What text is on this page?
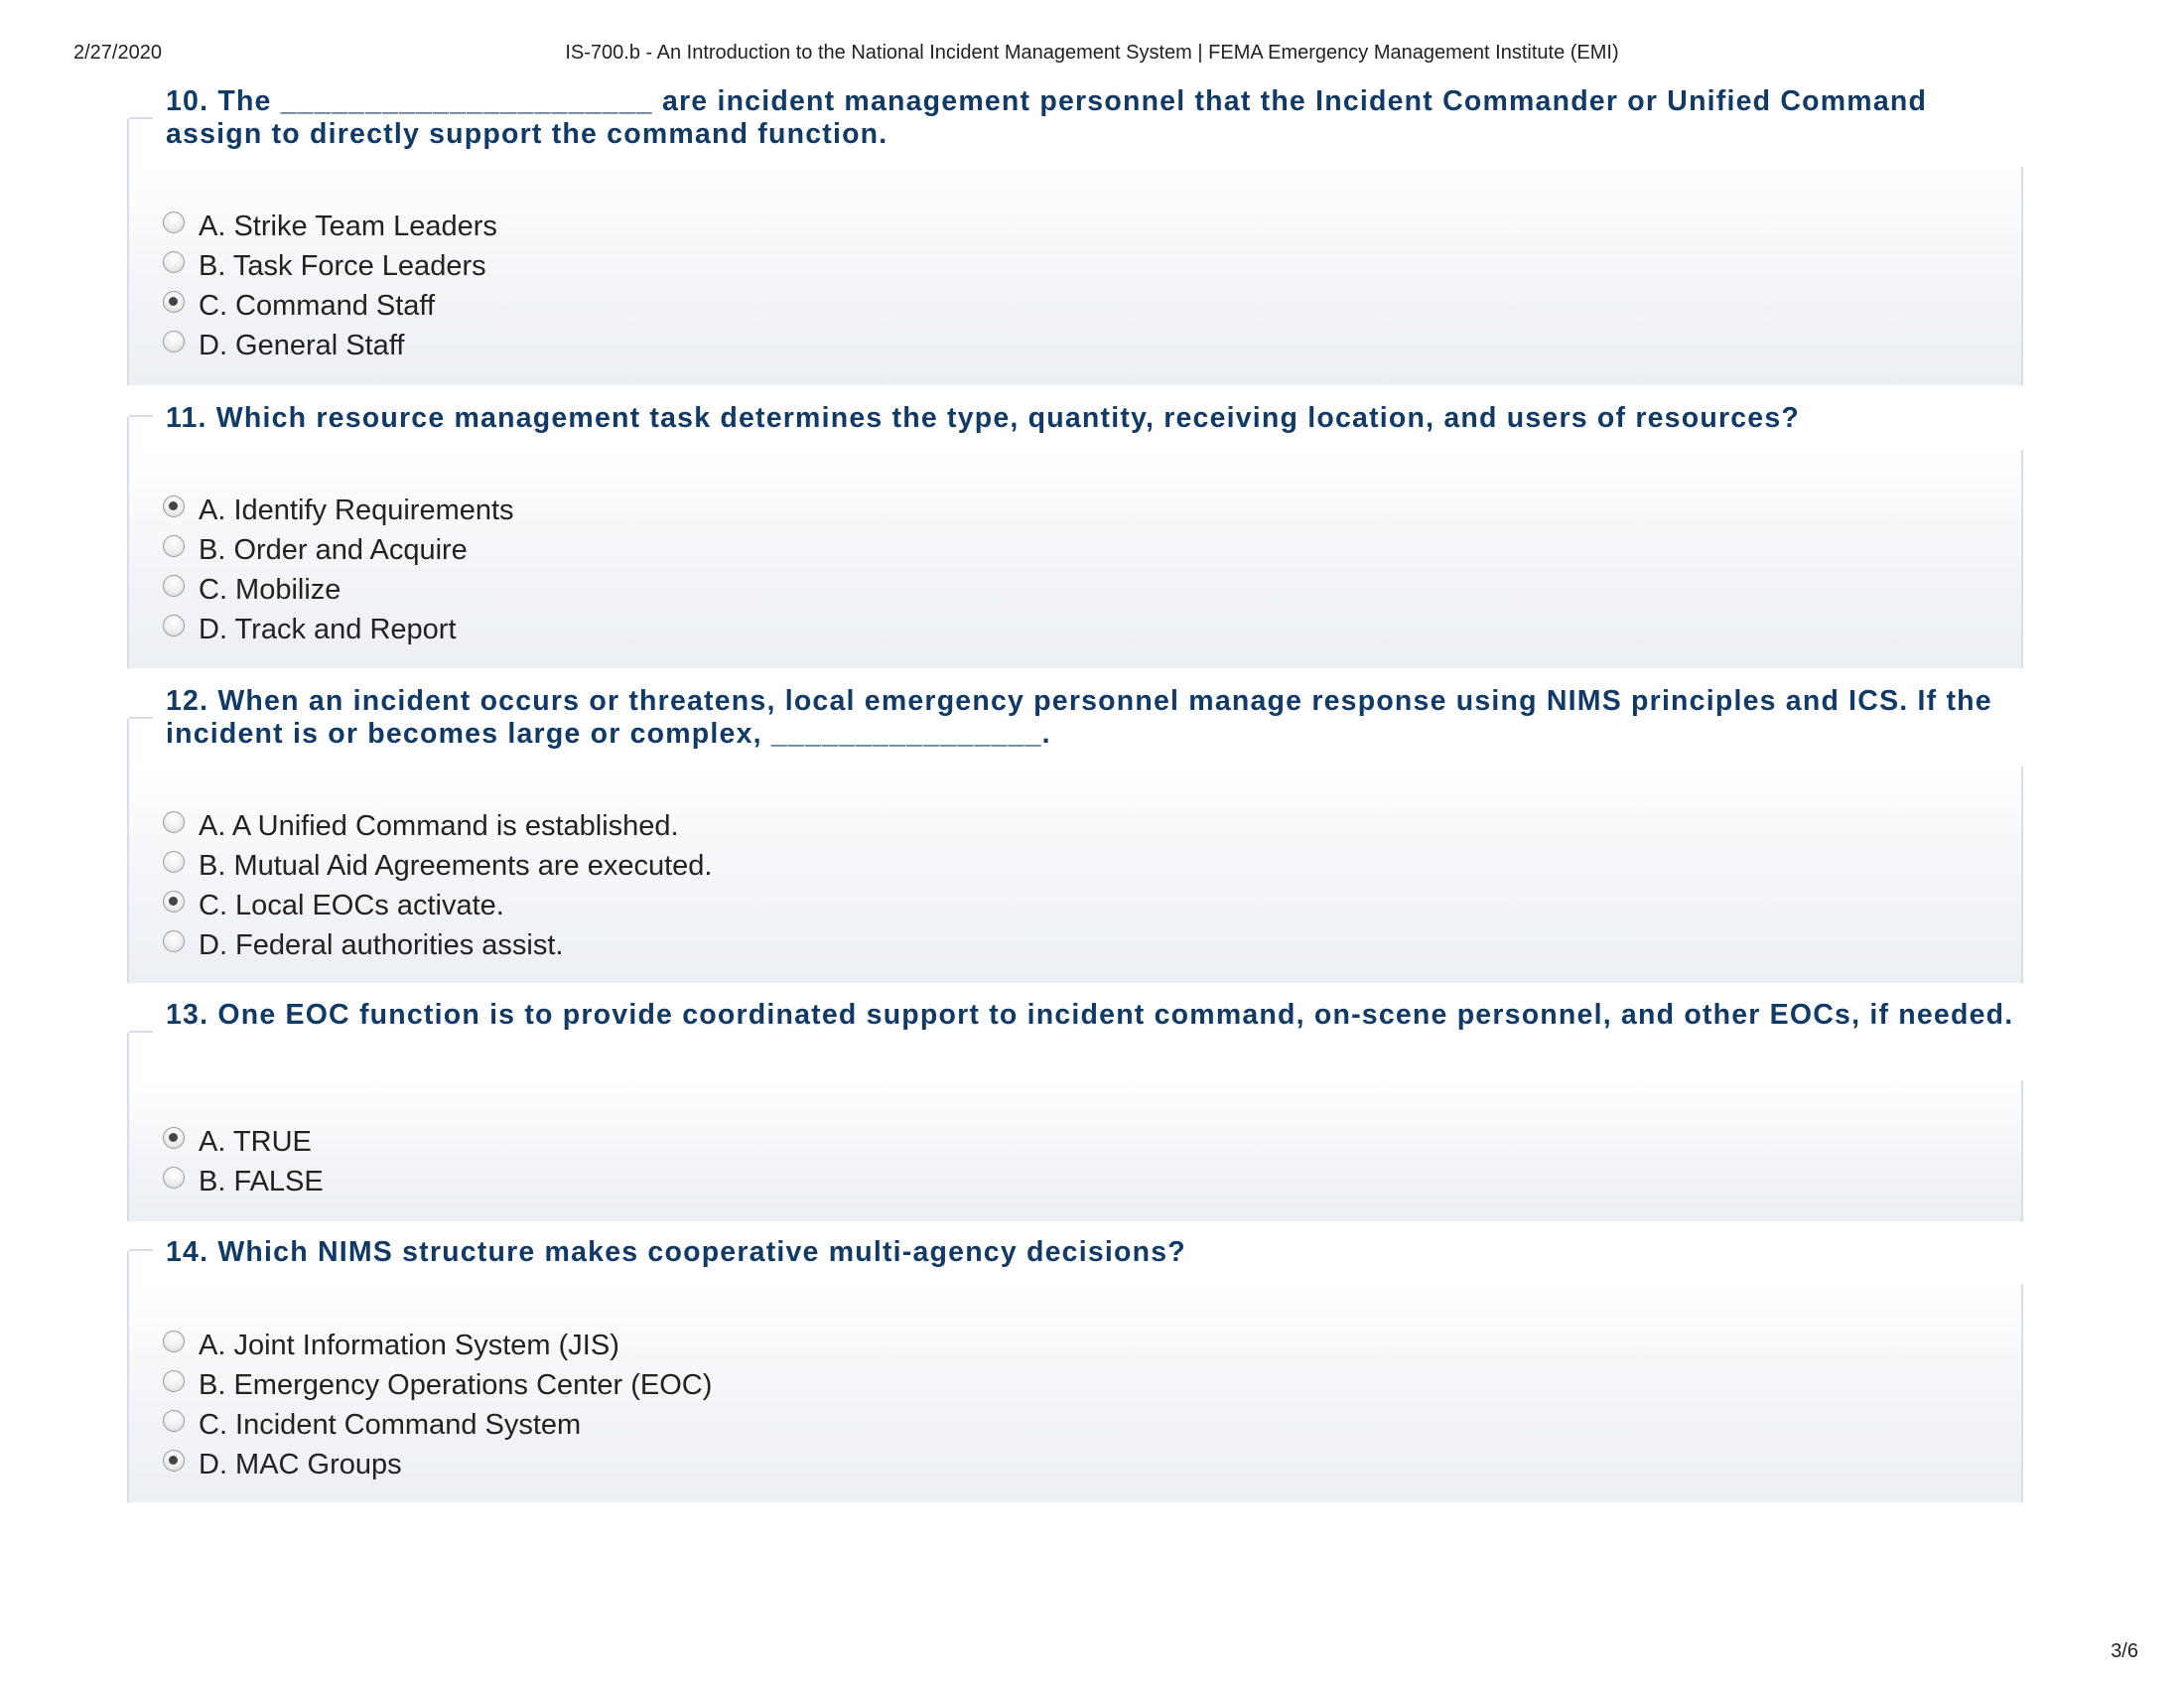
2/27/2020	IS-700.b - An Introduction to the National Incident Management System | FEMA Emergency Management Institute (EMI)
10. The ______________________ are incident management personnel that the Incident Commander or Unified Command assign to directly support the command function.
A. Strike Team Leaders
B. Task Force Leaders
C. Command Staff
D. General Staff
11. Which resource management task determines the type, quantity, receiving location, and users of resources?
A. Identify Requirements
B. Order and Acquire
C. Mobilize
D. Track and Report
12. When an incident occurs or threatens, local emergency personnel manage response using NIMS principles and ICS. If the incident is or becomes large or complex, ________________.
A. A Unified Command is established.
B. Mutual Aid Agreements are executed.
C. Local EOCs activate.
D. Federal authorities assist.
13. One EOC function is to provide coordinated support to incident command, on-scene personnel, and other EOCs, if needed.
A. TRUE
B. FALSE
14. Which NIMS structure makes cooperative multi-agency decisions?
A. Joint Information System (JIS)
B. Emergency Operations Center (EOC)
C. Incident Command System
D. MAC Groups
3/6
